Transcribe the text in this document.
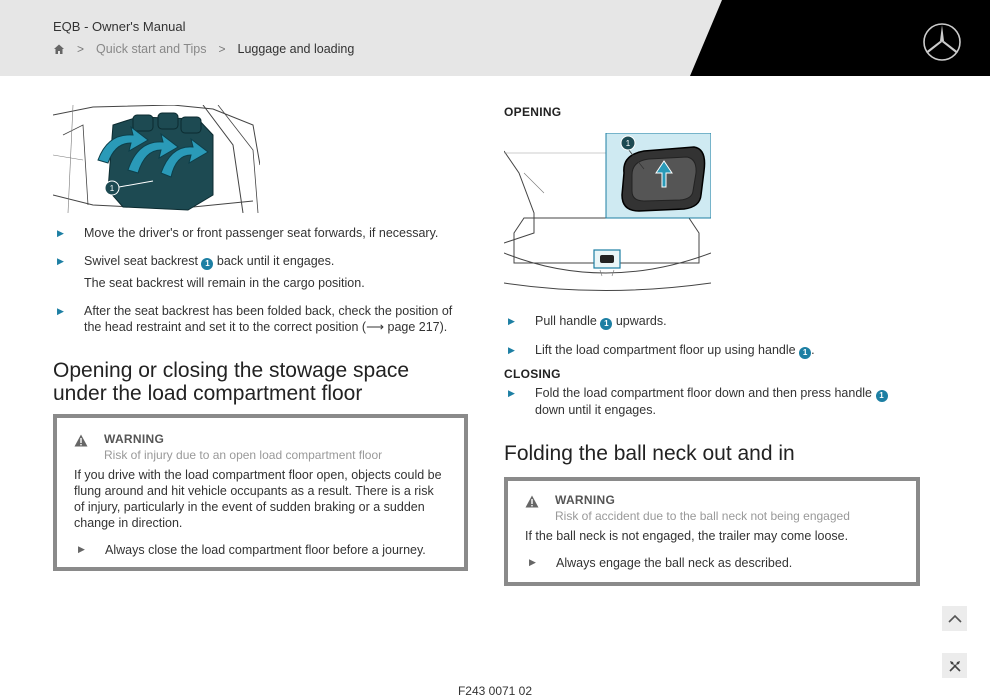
EQB - Owner's Manual
> Quick start and Tips > Luggage and loading
1
▶ Move the driver's or front passenger seat forwards, if necessary.
▶ Swivel seat backrest 1 back until it engages.
The seat backrest will remain in the cargo position.
▶ After the seat backrest has been folded back, check the position of the head restraint and set it to the correct position (⟶ page 217).
Opening or closing the stowage space under the load compartment floor
WARNING
Risk of injury due to an open load compartment floor
If you drive with the load compartment floor open, objects could be flung around and hit vehicle occupants as a result. There is a risk of injury, particularly in the event of sudden braking or a sudden change in direction.
▶ Always close the load compartment floor before a journey.
OPENING
1
▶ Pull handle 1 upwards.
▶ Lift the load compartment floor up using handle 1 .
CLOSING
▶ Fold the load compartment floor down and then press handle 1 down until it engages.
Folding the ball neck out and in
WARNING
Risk of accident due to the ball neck not being engaged
If the ball neck is not engaged, the trailer may come loose.
▶ Always engage the ball neck as described.
F243 0071 02
